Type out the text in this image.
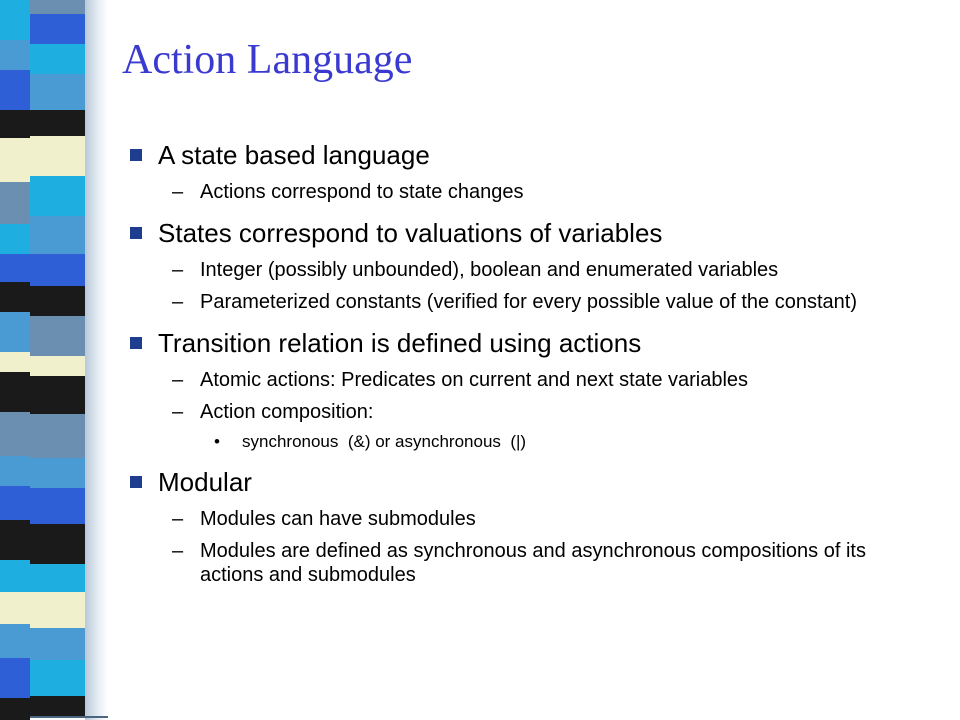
Action Language
A state based language
– Actions correspond to state changes
States correspond to valuations of variables
– Integer (possibly unbounded), boolean and enumerated variables
– Parameterized constants (verified for every possible value of the constant)
Transition relation is defined using actions
– Atomic actions: Predicates on current and next state variables
– Action composition:
• synchronous  (&) or asynchronous  (|)
Modular
– Modules can have submodules
– Modules are defined as synchronous and asynchronous compositions of its actions and submodules
